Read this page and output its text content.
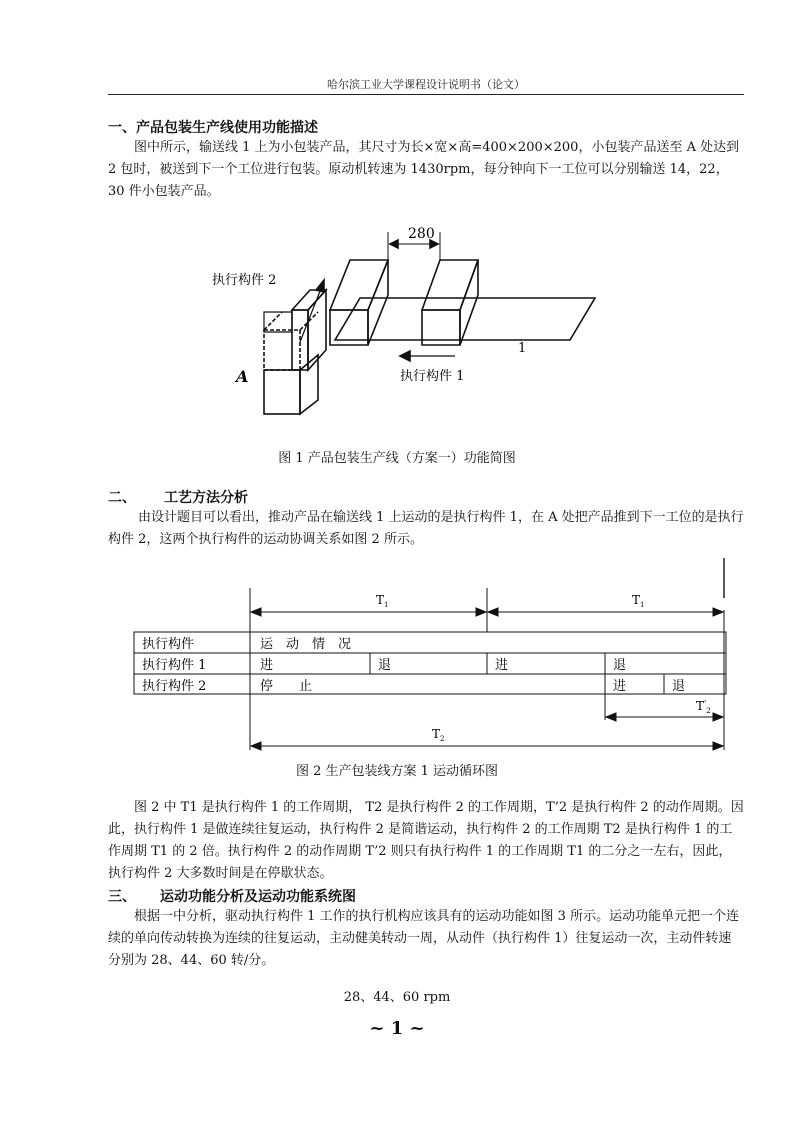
哈尔滨工业大学课程设计说明书（论文）
一、产品包装生产线使用功能描述

图中所示，输送线 1 上为小包装产品，其尺寸为长×宽×高=400×200×200，小包装产品送至 A 处达到 2 包时，被送到下一个工位进行包装。原动机转速为 1430rpm，每分钟向下一工位可以分别输送 14，22，30 件小包装产品。

280
执行构件 2
执行构件 1
A
1
图 1 产品包装生产线（方案一）功能简图
二、 工艺方法分析

由设计题目可以看出，推动产品在输送线 1 上运动的是执行构件 1，在 A 处把产品推到下一工位的是执行构件 2，这两个执行构件的运动协调关系如图 2 所示。

$T_1$	$T_1$
$T'_2$
$T_2$
执行构件	运　动　情　况
执行构件 1	进	退	进	退
执行构件 2	停　　止	进	退
图 2 生产包装线方案 1 运动循环图

图 2 中 T1 是执行构件 1 的工作周期， T2 是执行构件 2 的工作周期，T’2 是执行构件 2 的动作周期。因此，执行构件 1 是做连续往复运动，执行构件 2 是简谐运动，执行构件 2 的工作周期 T2 是执行构件 1 的工作周期 T1 的 2 倍。执行构件 2 的动作周期 T’2 则只有执行构件 1 的工作周期 T1 的二分之一左右，因此，执行构件 2 大多数时间是在停歇状态。

三、 运动功能分析及运动功能系统图

根据一中分析，驱动执行构件 1 工作的执行机构应该具有的运动功能如图 3 所示。运动功能单元把一个连续的单向传动转换为连续的往复运动，主动健美转动一周，从动件（执行构件 1）往复运动一次，主动件转速分别为 28、44、60 转/分。

28、44、60 rpm
~ 1 ~
